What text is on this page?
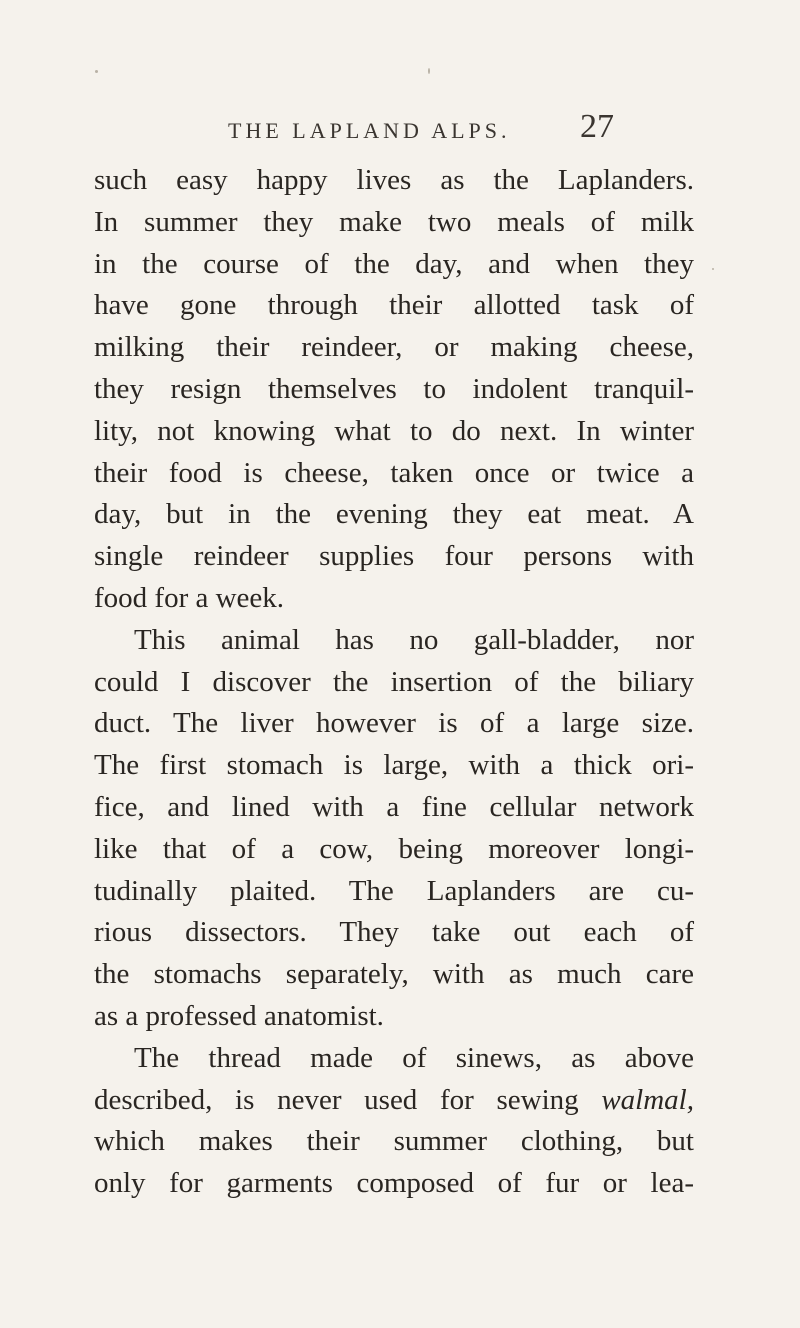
THE LAPLAND ALPS. 27
such easy happy lives as the Laplanders.
In summer they make two meals of milk
in the course of the day, and when they
have gone through their allotted task of
milking their reindeer, or making cheese,
they resign themselves to indolent tranquil-
lity, not knowing what to do next. In winter
their food is cheese, taken once or twice a
day, but in the evening they eat meat. A
single reindeer supplies four persons with
food for a week.
This animal has no gall-bladder, nor
could I discover the insertion of the biliary
duct. The liver however is of a large size.
The first stomach is large, with a thick ori-
fice, and lined with a fine cellular network
like that of a cow, being moreover longi-
tudinally plaited. The Laplanders are cu-
rious dissectors. They take out each of
the stomachs separately, with as much care
as a professed anatomist.
The thread made of sinews, as above
described, is never used for sewing walmal,
which makes their summer clothing, but
only for garments composed of fur or lea-
